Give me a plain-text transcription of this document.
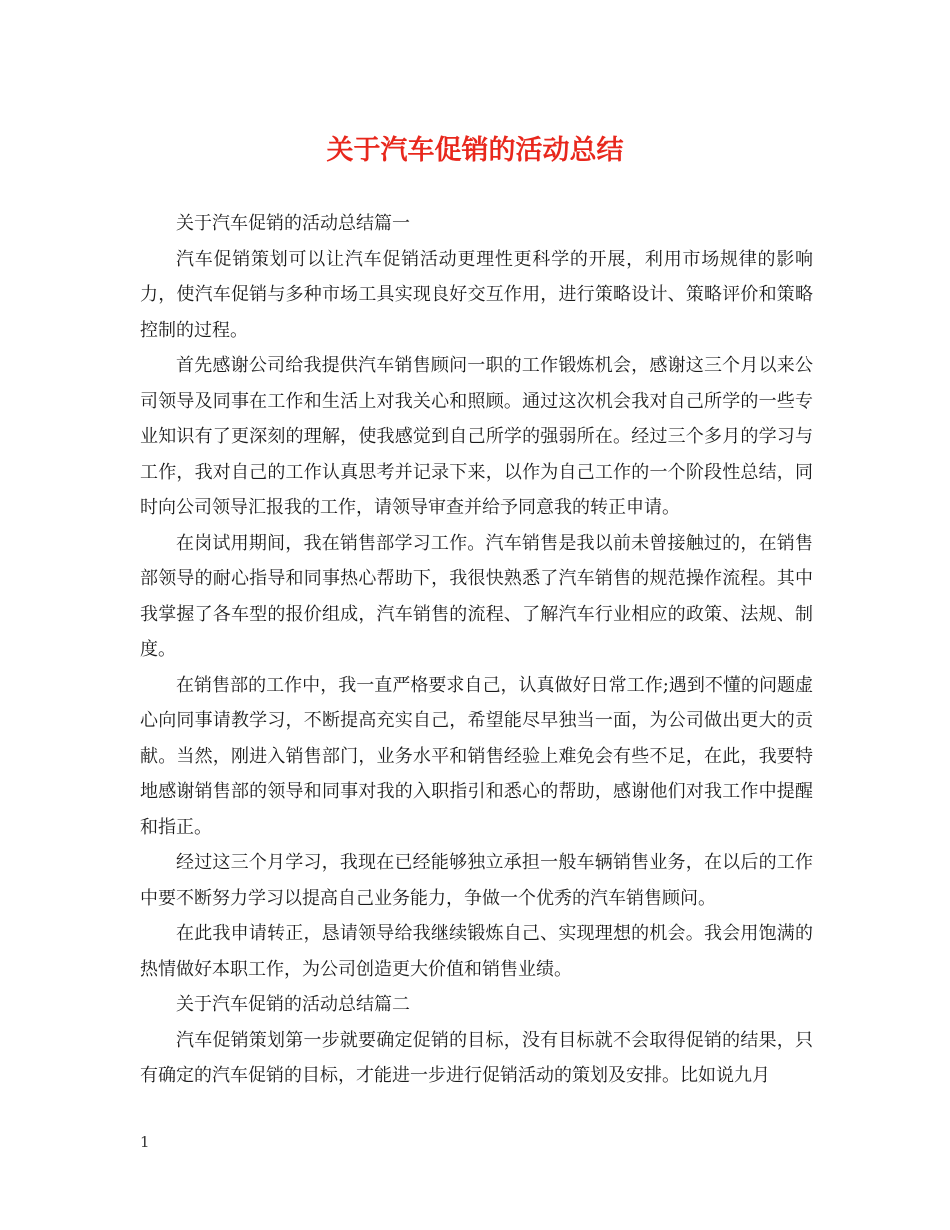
关于汽车促销的活动总结

关于汽车促销的活动总结篇一

汽车促销策划可以让汽车促销活动更理性更科学的开展，利用市场规律的影响力，使汽车促销与多种市场工具实现良好交互作用，进行策略设计、策略评价和策略控制的过程。

首先感谢公司给我提供汽车销售顾问一职的工作锻炼机会，感谢这三个月以来公司领导及同事在工作和生活上对我关心和照顾。通过这次机会我对自己所学的一些专业知识有了更深刻的理解，使我感觉到自己所学的强弱所在。经过三个多月的学习与工作，我对自己的工作认真思考并记录下来，以作为自己工作的一个阶段性总结，同时向公司领导汇报我的工作，请领导审查并给予同意我的转正申请。

在岗试用期间，我在销售部学习工作。汽车销售是我以前未曾接触过的，在销售部领导的耐心指导和同事热心帮助下，我很快熟悉了汽车销售的规范操作流程。其中我掌握了各车型的报价组成，汽车销售的流程、了解汽车行业相应的政策、法规、制度。

在销售部的工作中，我一直严格要求自己，认真做好日常工作;遇到不懂的问题虚心向同事请教学习，不断提高充实自己，希望能尽早独当一面，为公司做出更大的贡献。当然，刚进入销售部门，业务水平和销售经验上难免会有些不足，在此，我要特地感谢销售部的领导和同事对我的入职指引和悉心的帮助，感谢他们对我工作中提醒和指正。

经过这三个月学习，我现在已经能够独立承担一般车辆销售业务，在以后的工作中要不断努力学习以提高自己业务能力，争做一个优秀的汽车销售顾问。

在此我申请转正，恳请领导给我继续锻炼自己、实现理想的机会。我会用饱满的热情做好本职工作，为公司创造更大价值和销售业绩。

关于汽车促销的活动总结篇二

汽车促销策划第一步就要确定促销的目标，没有目标就不会取得促销的结果，只有确定的汽车促销的目标，才能进一步进行促销活动的策划及安排。比如说九月

1
